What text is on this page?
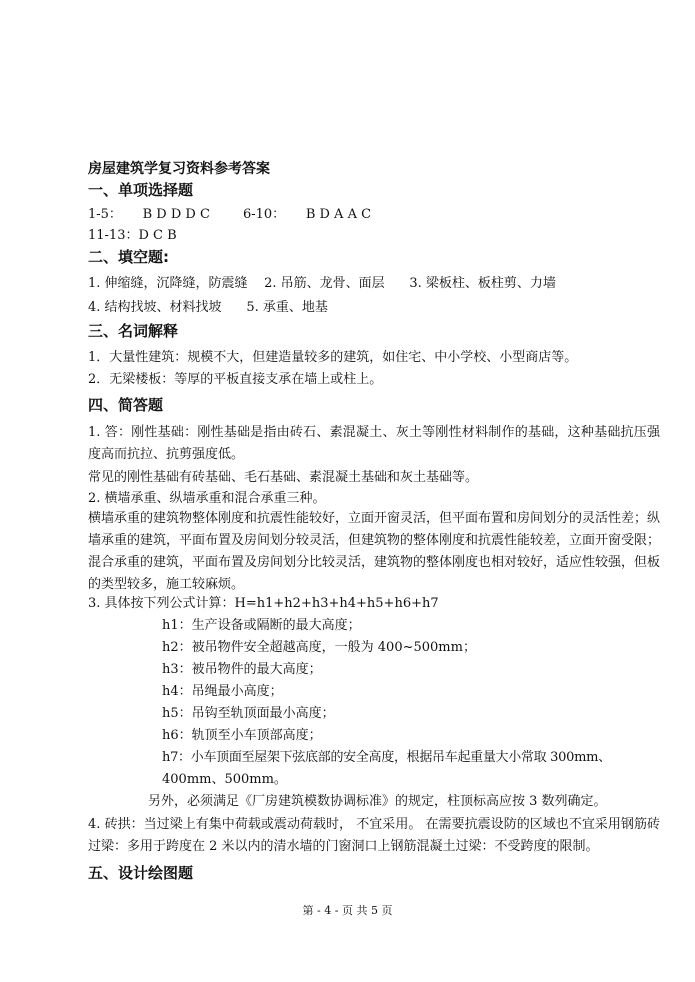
房屋建筑学复习资料参考答案
一、单项选择题
1-5：     B D D D C        6-10：     B D A A C
11-13：D C B
二、填空题:
1. 伸缩缝，沉降缝，防震缝    2. 吊筋、龙骨、面层      3. 梁板柱、板柱剪、力墙
4. 结构找坡、材料找坡      5. 承重、地基
三、名词解释
1．大量性建筑：规模不大，但建造量较多的建筑，如住宅、中小学校、小型商店等。
2．无梁楼板：等厚的平板直接支承在墙上或柱上。
四、简答题
1. 答：刚性基础：刚性基础是指由砖石、素混凝土、灰土等刚性材料制作的基础，这种基础抗压强度高而抗拉、抗剪强度低。
常见的刚性基础有砖基础、毛石基础、素混凝土基础和灰土基础等。
2. 横墙承重、纵墙承重和混合承重三种。
横墙承重的建筑物整体刚度和抗震性能较好，立面开窗灵活，但平面布置和房间划分的灵活性差；纵墙承重的建筑，平面布置及房间划分较灵活，但建筑物的整体刚度和抗震性能较差，立面开窗受限；混合承重的建筑，平面布置及房间划分比较灵活，建筑物的整体刚度也相对较好，适应性较强，但板的类型较多，施工较麻烦。
3. 具体按下列公式计算：H=h1+h2+h3+h4+h5+h6+h7
h1：生产设备或隔断的最大高度；
h2：被吊物件安全超越高度，一般为 400~500mm；
h3：被吊物件的最大高度；
h4：吊绳最小高度；
h5：吊钩至轨顶面最小高度；
h6：轨顶至小车顶部高度；
h7：小车顶面至屋架下弦底部的安全高度，根据吊车起重量大小常取 300mm、
400mm、500mm。
另外，必须满足《厂房建筑模数协调标准》的规定，柱顶标高应按 3 数列确定。
4. 砖拱：当过梁上有集中荷载或震动荷载时， 不宜采用。 在需要抗震设防的区域也不宜采用钢筋砖过梁：多用于跨度在 2 米以内的清水墙的门窗洞口上钢筋混凝土过梁：不受跨度的限制。
五、设计绘图题
第 - 4 - 页 共 5 页
